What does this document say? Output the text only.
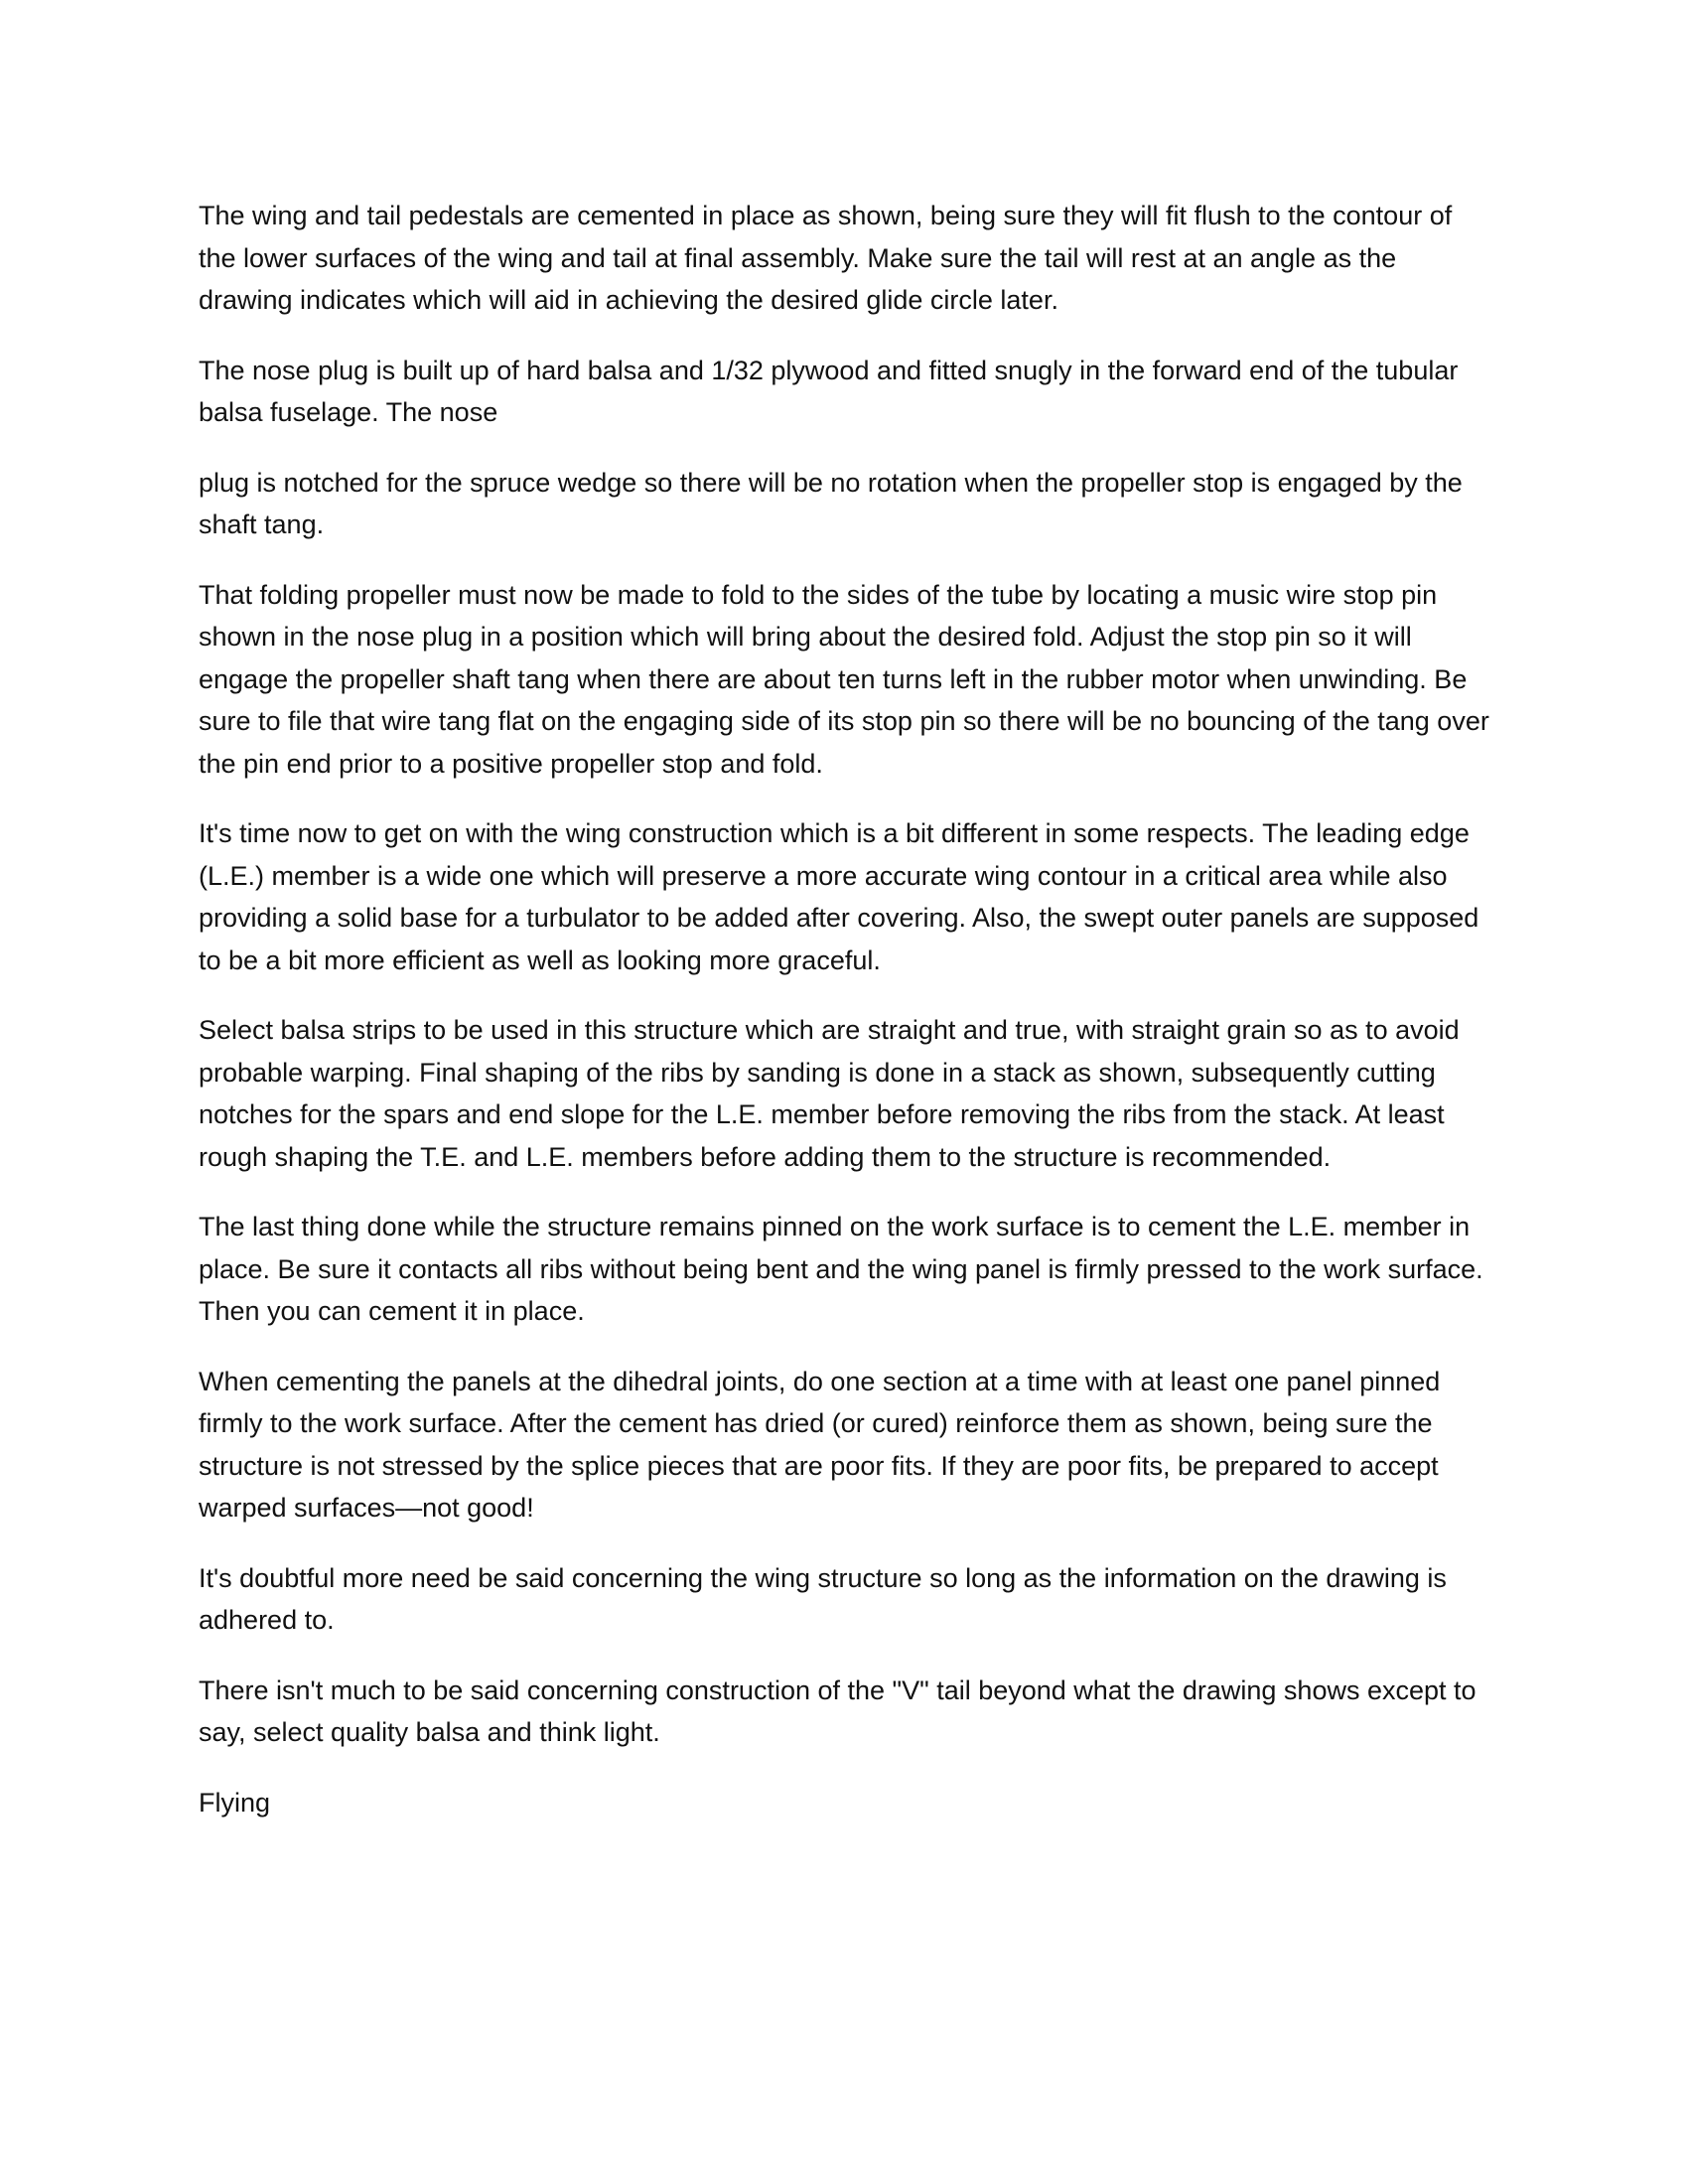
The wing and tail pedestals are cemented in place as shown, being sure they will fit flush to the contour of the lower surfaces of the wing and tail at final assembly. Make sure the tail will rest at an angle as the drawing indicates which will aid in achieving the desired glide circle later.

The nose plug is built up of hard balsa and 1/32 plywood and fitted snugly in the forward end of the tubular balsa fuselage. The nose

plug is notched for the spruce wedge so there will be no rotation when the propeller stop is engaged by the shaft tang.

That folding propeller must now be made to fold to the sides of the tube by locating a music wire stop pin shown in the nose plug in a position which will bring about the desired fold. Adjust the stop pin so it will engage the propeller shaft tang when there are about ten turns left in the rubber motor when unwinding. Be sure to file that wire tang flat on the engaging side of its stop pin so there will be no bouncing of the tang over the pin end prior to a positive propeller stop and fold.

It's time now to get on with the wing construction which is a bit different in some respects. The leading edge (L.E.) member is a wide one which will preserve a more accurate wing contour in a critical area while also providing a solid base for a turbulator to be added after covering. Also, the swept outer panels are supposed to be a bit more efficient as well as looking more graceful.

Select balsa strips to be used in this structure which are straight and true, with straight grain so as to avoid probable warping. Final shaping of the ribs by sanding is done in a stack as shown, subsequently cutting notches for the spars and end slope for the L.E. member before removing the ribs from the stack. At least rough shaping the T.E. and L.E. members before adding them to the structure is recommended.

The last thing done while the structure remains pinned on the work surface is to cement the L.E. member in place. Be sure it contacts all ribs without being bent and the wing panel is firmly pressed to the work surface. Then you can cement it in place.

When cementing the panels at the dihedral joints, do one section at a time with at least one panel pinned firmly to the work surface. After the cement has dried (or cured) reinforce them as shown, being sure the structure is not stressed by the splice pieces that are poor fits. If they are poor fits, be prepared to accept warped surfaces—not good!

It's doubtful more need be said concerning the wing structure so long as the information on the drawing is adhered to.

There isn't much to be said concerning construction of the "V" tail beyond what the drawing shows except to say, select quality balsa and think light.

Flying
